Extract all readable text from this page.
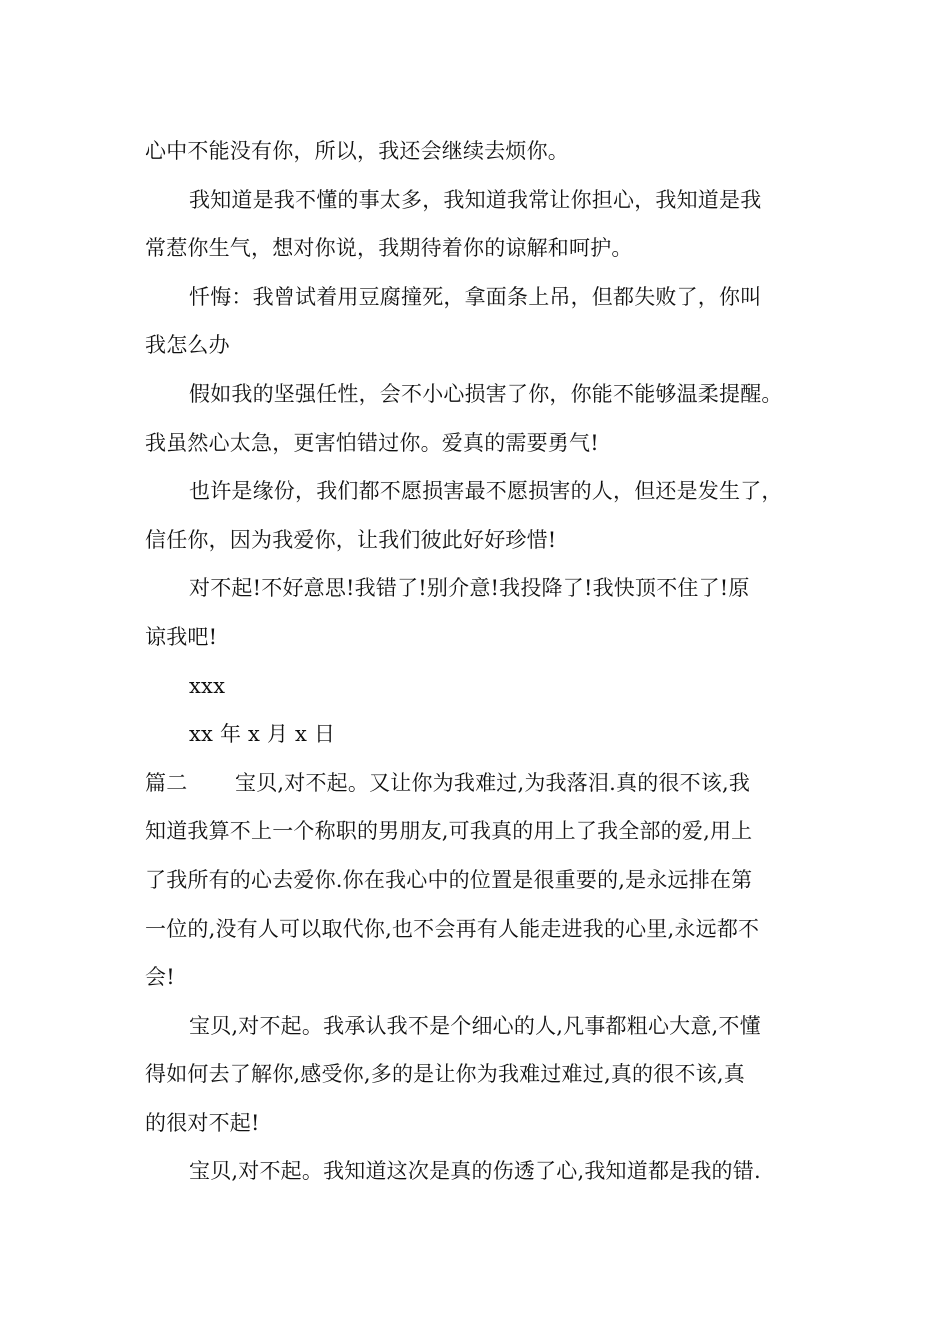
心中不能没有你，所以，我还会继续去烦你。
我知道是我不懂的事太多，我知道我常让你担心，我知道是我
常惹你生气，想对你说，我期待着你的谅解和呵护。
忏悔：我曾试着用豆腐撞死，拿面条上吊，但都失败了，你叫
我怎么办
假如我的坚强任性，会不小心损害了你，你能不能够温柔提醒。
我虽然心太急，更害怕错过你。爱真的需要勇气!
也许是缘份，我们都不愿损害最不愿损害的人，但还是发生了，
信任你，因为我爱你，让我们彼此好好珍惜!
对不起!不好意思!我错了!别介意!我投降了!我快顶不住了!原
谅我吧!
xxx
xx 年 x 月 x 日
篇二 宝贝,对不起。又让你为我难过,为我落泪.真的很不该,我
知道我算不上一个称职的男朋友,可我真的用上了我全部的爱,用上
了我所有的心去爱你.你在我心中的位置是很重要的,是永远排在第
一位的,没有人可以取代你,也不会再有人能走进我的心里,永远都不
会!
宝贝,对不起。我承认我不是个细心的人,凡事都粗心大意,不懂
得如何去了解你,感受你,多的是让你为我难过难过,真的很不该,真
的很对不起!
宝贝,对不起。我知道这次是真的伤透了心,我知道都是我的错.
